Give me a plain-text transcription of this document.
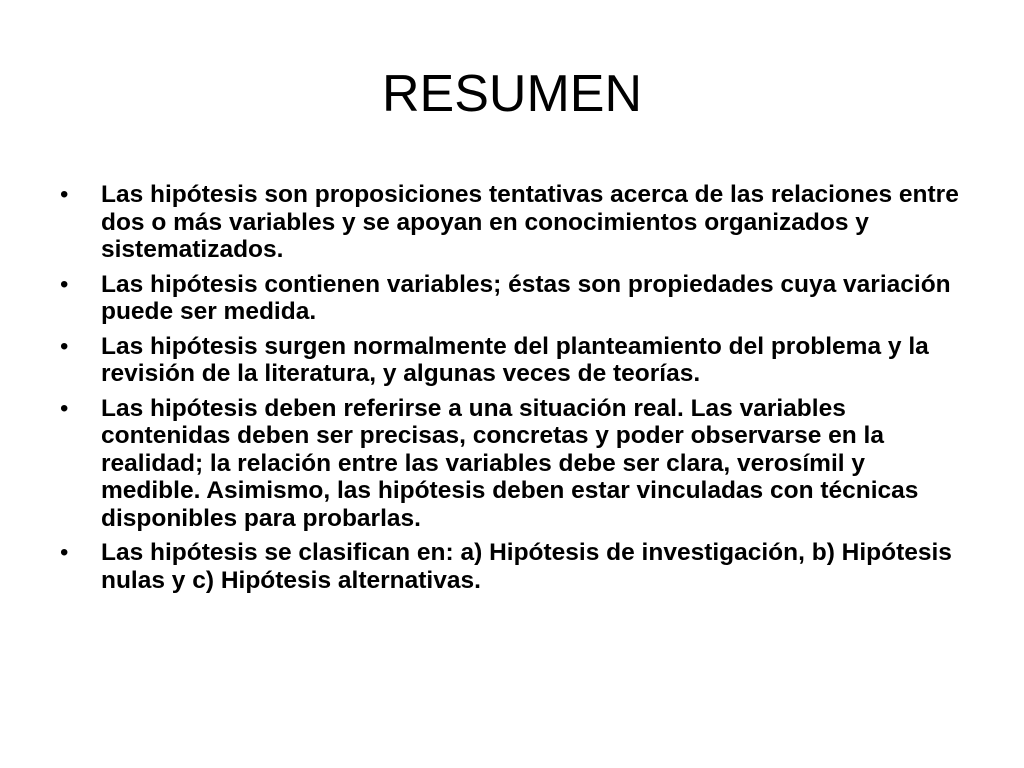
RESUMEN
• Las hipótesis son proposiciones tentativas acerca de las relaciones entre dos o más variables y se apoyan en conocimientos organizados y sistematizados.
• Las hipótesis contienen variables; éstas son propiedades cuya variación puede ser medida.
• Las hipótesis surgen normalmente del planteamiento del problema y la revisión de la literatura, y algunas veces de teorías.
• Las hipótesis deben referirse a una situación real. Las variables contenidas deben ser precisas, concretas y poder observarse en la realidad; la relación entre las variables debe ser clara, verosímil y medible. Asimismo, las hipótesis deben estar vinculadas con técnicas disponibles para probarlas.
• Las hipótesis se clasifican en: a) Hipótesis de investigación, b) Hipótesis nulas y c) Hipótesis alternativas.
